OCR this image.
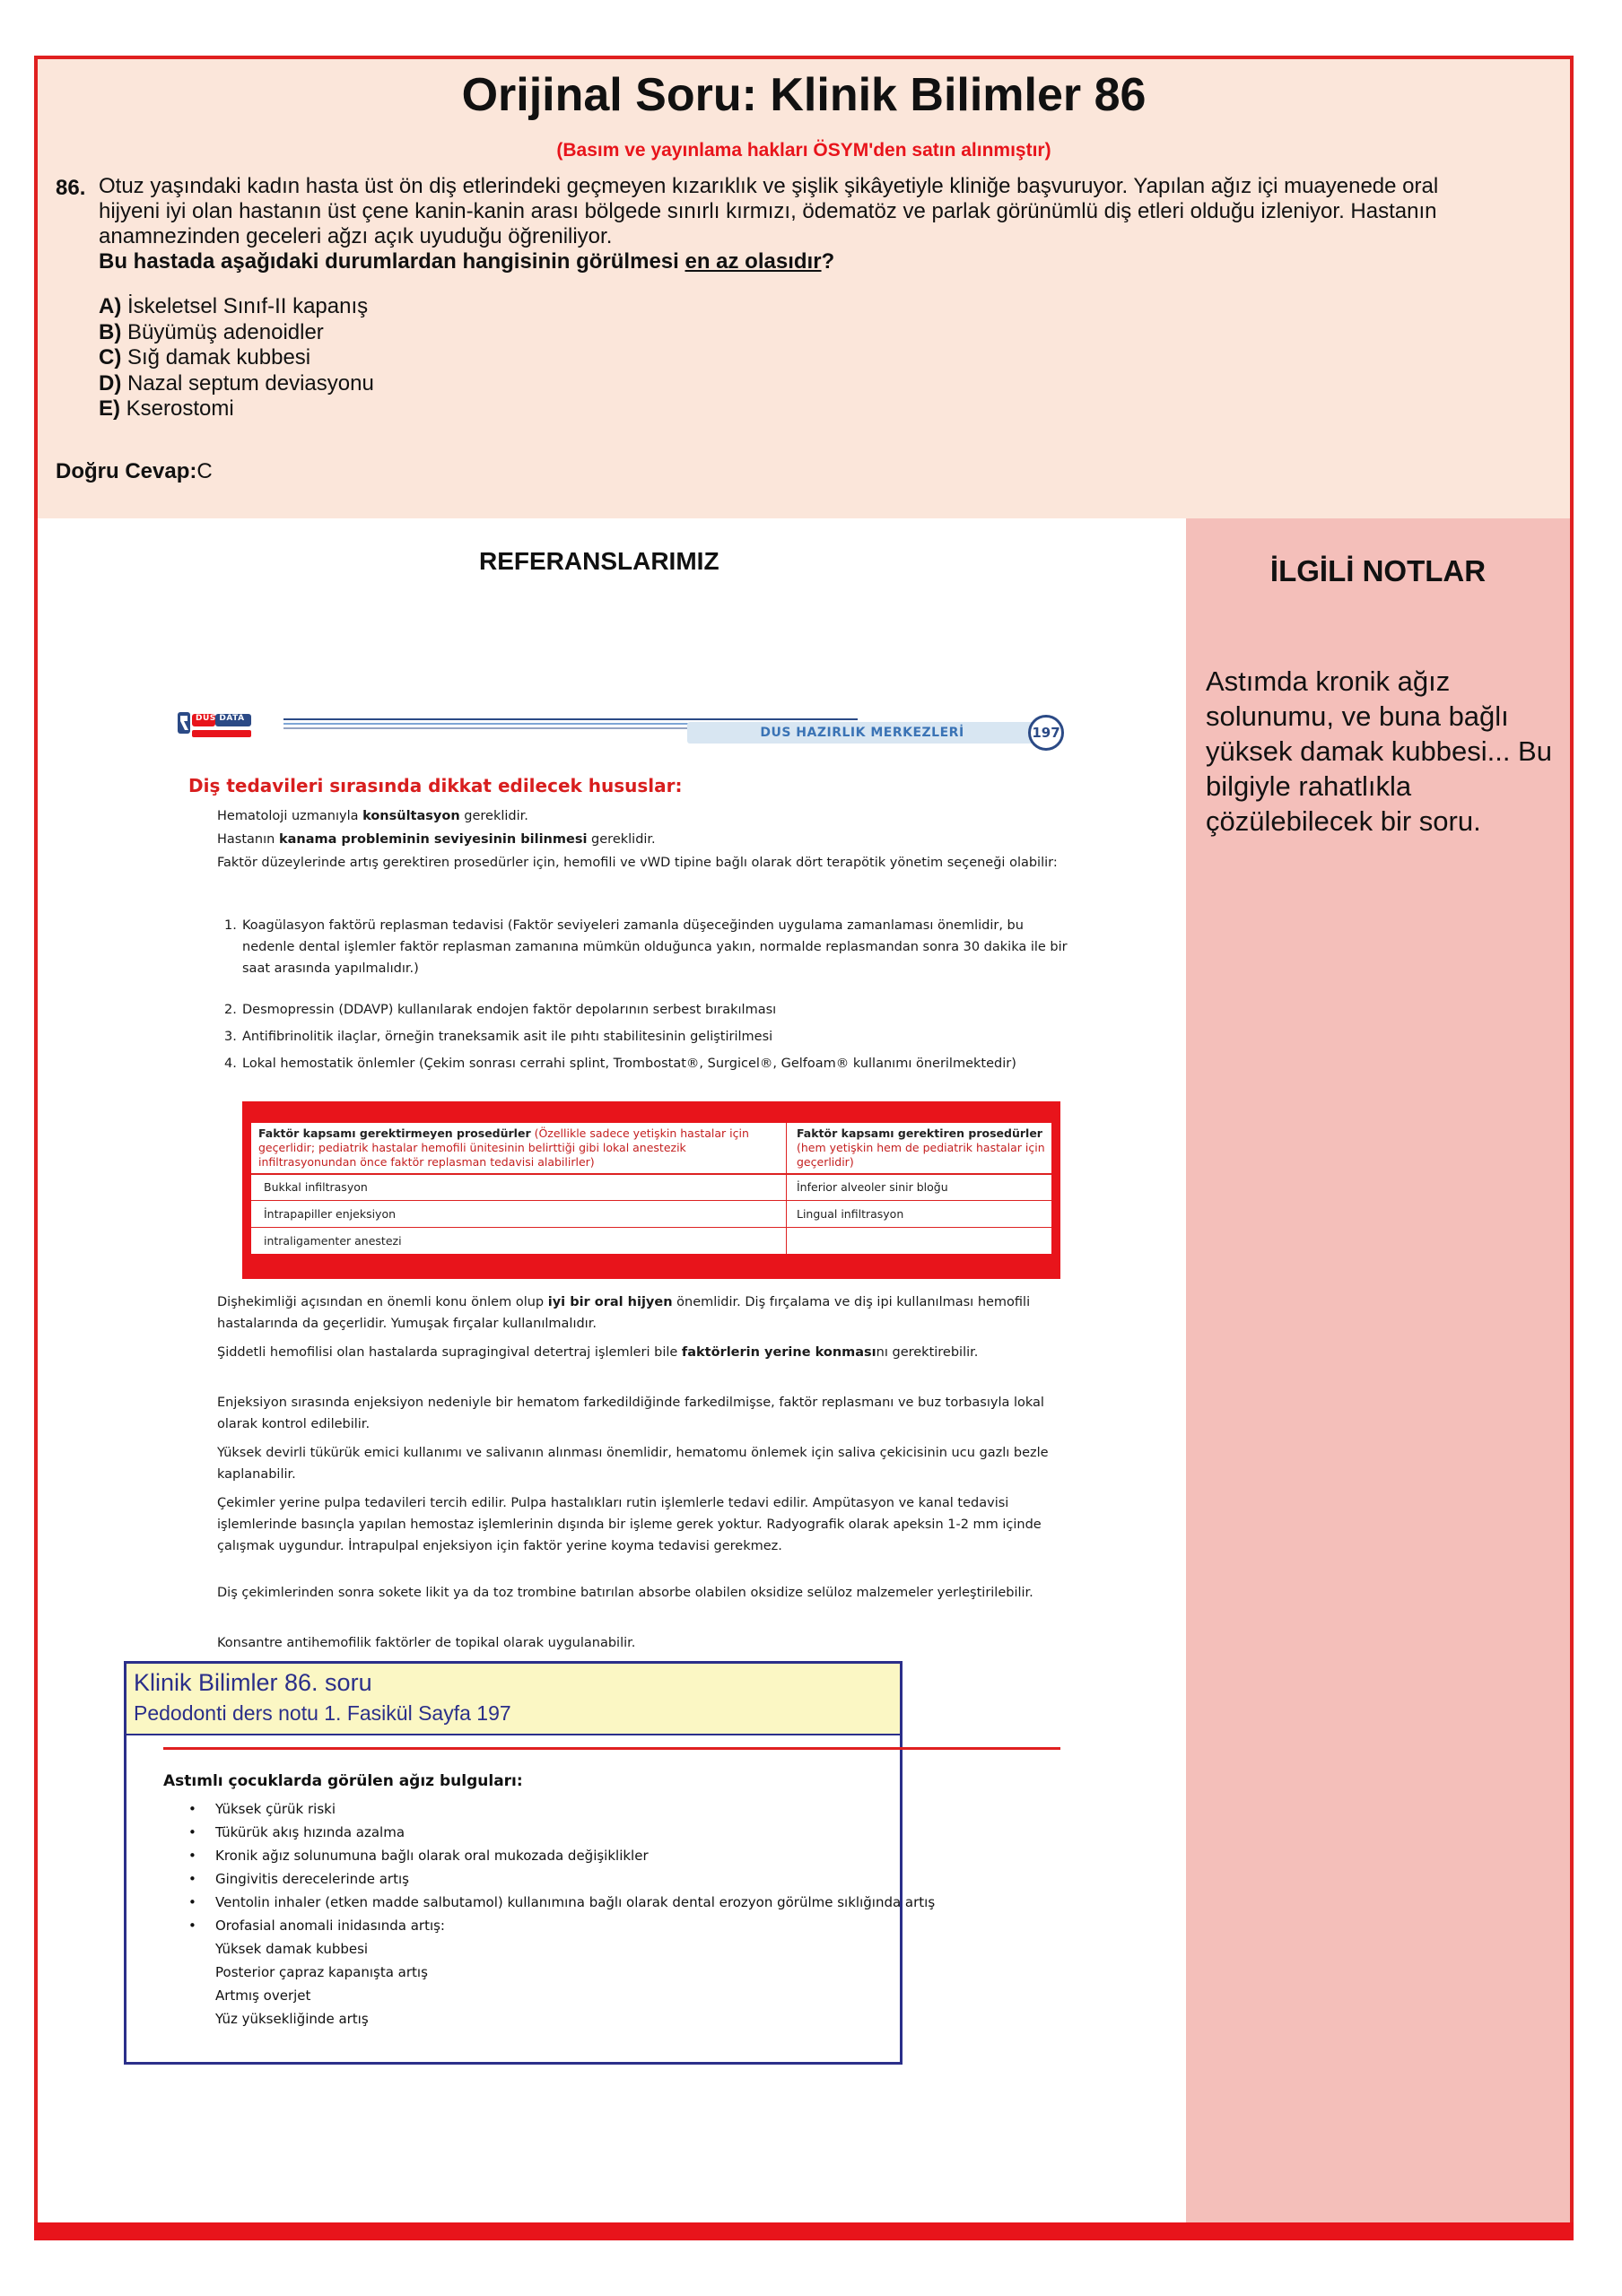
Orijinal Soru: Klinik Bilimler 86
(Basım ve yayınlama hakları ÖSYM'den satın alınmıştır)
86. Otuz yaşındaki kadın hasta üst ön diş etlerindeki geçmeyen kızarıklık ve şişlik şikâyetiyle kliniğe başvuruyor. Yapılan ağız içi muayenede oral hijyeni iyi olan hastanın üst çene kanin-kanin arası bölgede sınırlı kırmızı, ödematöz ve parlak görünümlü diş etleri olduğu izleniyor. Hastanın anamnezinden geceleri ağzı açık uyuduğu öğreniliyor.
Bu hastada aşağıdaki durumlardan hangisinin görülmesi en az olasıdır?
A) İskeletsel Sınıf-II kapanış
B) Büyümüş adenoidler
C) Sığ damak kubbesi
D) Nazal septum deviasyonu
E) Kserostomi
Doğru Cevap:C
İLGİLİ NOTLAR
Astımda kronik ağız solunumu, ve buna bağlı yüksek damak kubbesi... Bu bilgiyle rahatlıkla çözülebilecek bir soru.
REFERANSLARIMIZ
DUS DATA
DUS HAZIRLIK MERKEZLERİ	197
Diş tedavileri sırasında dikkat edilecek hususlar:
Hematoloji uzmanıyla konsültasyon gereklidir.
Hastanın kanama probleminin seviyesinin bilinmesi gereklidir.
Faktör düzeylerinde artış gerektiren prosedürler için, hemofili ve vWD tipine bağlı olarak dört terapötik yönetim seçeneği olabilir:
1. Koagülasyon faktörü replasman tedavisi (Faktör seviyeleri zamanla düşeceğinden uygulama zamanlaması önemlidir, bu nedenle dental işlemler faktör replasman zamanına mümkün olduğunca yakın, normalde replasmandan sonra 30 dakika ile bir saat arasında yapılmalıdır.)
2. Desmopressin (DDAVP) kullanılarak endojen faktör depolarının serbest bırakılması
3. Antifibrinolitik ilaçlar, örneğin traneksamik asit ile pıhtı stabilitesinin geliştirilmesi
4. Lokal hemostatik önlemler (Çekim sonrası cerrahi splint, Trombostat®, Surgicel®, Gelfoam® kullanımı önerilmektedir)
Faktör kapsamı gerektirmeyen prosedürler (Özellikle sadece yetişkin hastalar için geçerlidir; pediatrik hastalar hemofili ünitesinin belirttiği gibi lokal anestezik infiltrasyonundan önce faktör replasman tedavisi alabilirler)
Faktör kapsamı gerektiren prosedürler (hem yetişkin hem de pediatrik hastalar için geçerlidir)
Bukkal infiltrasyon
İntrapapiller enjeksiyon
intraligamenter anestezi
İnferior alveoler sinir bloğu
Lingual infiltrasyon
Dişhekimliği açısından en önemli konu önlem olup iyi bir oral hijyen önemlidir. Diş fırçalama ve diş ipi kullanılması hemofili hastalarında da geçerlidir. Yumuşak fırçalar kullanılmalıdır.
Şiddetli hemofilisi olan hastalarda supragingival detertraj işlemleri bile faktörlerin yerine konmasını gerektirebilir.
Enjeksiyon sırasında enjeksiyon nedeniyle bir hematom farkedildiğinde farkedilmişse, faktör replasmanı ve buz torbasıyla lokal olarak kontrol edilebilir.
Yüksek devirli tükürük emici kullanımı ve salivanın alınması önemlidir, hematomu önlemek için saliva çekicisinin ucu gazlı bezle kaplanabilir.
Çekimler yerine pulpa tedavileri tercih edilir. Pulpa hastalıkları rutin işlemlerle tedavi edilir. Ampütasyon ve kanal tedavisi işlemlerinde basınçla yapılan hemostaz işlemlerinin dışında bir işleme gerek yoktur. Radyografik olarak apeksin 1-2 mm içinde çalışmak uygundur. İntrapulpal enjeksiyon için faktör yerine koyma tedavisi gerekmez.
Diş çekimlerinden sonra sokete likit ya da toz trombine batırılan absorbe olabilen oksidize selüloz malzemeler yerleştirilebilir.
Konsantre antihemofilik faktörler de topikal olarak uygulanabilir.
Klinik Bilimler 86. soru
Pedodonti ders notu 1. Fasikül Sayfa 197
Astımlı çocuklarda görülen ağız bulguları:
• Yüksek çürük riski
• Tükürük akış hızında azalma
• Kronik ağız solunumuna bağlı olarak oral mukozada değişiklikler
• Gingivitis derecelerinde artış
• Ventolin inhaler (etken madde salbutamol) kullanımına bağlı olarak dental erozyon görülme sıklığında artış
• Orofasial anomali inidasında artış:
Yüksek damak kubbesi
Posterior çapraz kapanışta artış
Artmış overjet
Yüz yüksekliğinde artış
